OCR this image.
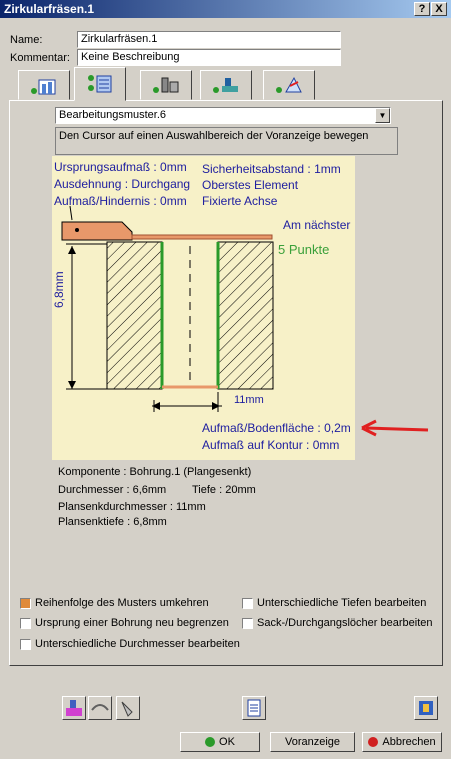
Zirkularfräsen.1	? X
Name:	Zirkularfräsen.1
Kommentar:	Keine Beschreibung
Bearbeitungsmuster.6	▼
Den Cursor auf einen Auswahlbereich der Voranzeige bewegen
Ursprungsaufmaß : 0mm
Ausdehnung : Durchgang
Aufmaß/Hindernis : 0mm
Sicherheitsabstand : 1mm
Oberstes Element
Fixierte Achse
Am nächster
5 Punkte
6,8mm
11mm
Aufmaß/Bodenfläche : 0,2m
Aufmaß auf Kontur : 0mm
Komponente : Bohrung.1 (Plangesenkt)
Durchmesser : 6,6mm Tiefe : 20mm
Plansenkdurchmesser : 11mm
Plansenktiefe : 6,8mm
Reihenfolge des Musters umkehren	Unterschiedliche Tiefen bearbeiten
Ursprung einer Bohrung neu begrenzen	Sack-/Durchgangslöcher bearbeiten
Unterschiedliche Durchmesser bearbeiten
OK	Voranzeige	Abbrechen
